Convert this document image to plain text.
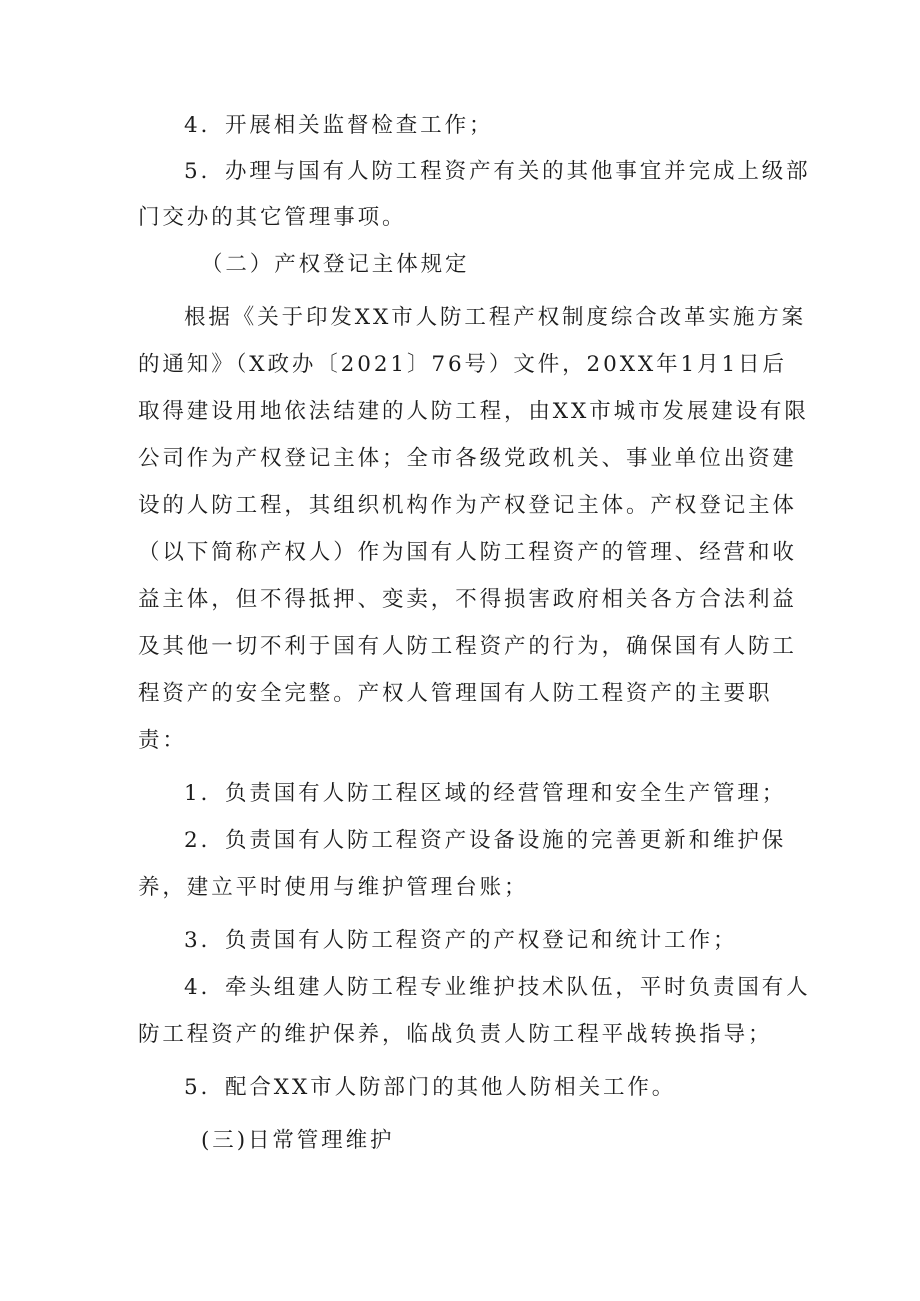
4．开展相关监督检查工作；
5．办理与国有人防工程资产有关的其他事宜并完成上级部
门交办的其它管理事项。
（二）产权登记主体规定
根据《关于印发XX市人防工程产权制度综合改革实施方案
的通知》（X政办〔2021〕76号）文件，20XX年1月1日后
取得建设用地依法结建的人防工程，由XX市城市发展建设有限
公司作为产权登记主体；全市各级党政机关、事业单位出资建
设的人防工程，其组织机构作为产权登记主体。产权登记主体
（以下简称产权人）作为国有人防工程资产的管理、经营和收
益主体，但不得抵押、变卖，不得损害政府相关各方合法利益
及其他一切不利于国有人防工程资产的行为，确保国有人防工
程资产的安全完整。产权人管理国有人防工程资产的主要职
责：
1．负责国有人防工程区域的经营管理和安全生产管理；
2．负责国有人防工程资产设备设施的完善更新和维护保
养，建立平时使用与维护管理台账；
3．负责国有人防工程资产的产权登记和统计工作；
4．牵头组建人防工程专业维护技术队伍，平时负责国有人
防工程资产的维护保养，临战负责人防工程平战转换指导；
5．配合XX市人防部门的其他人防相关工作。
(三)日常管理维护
